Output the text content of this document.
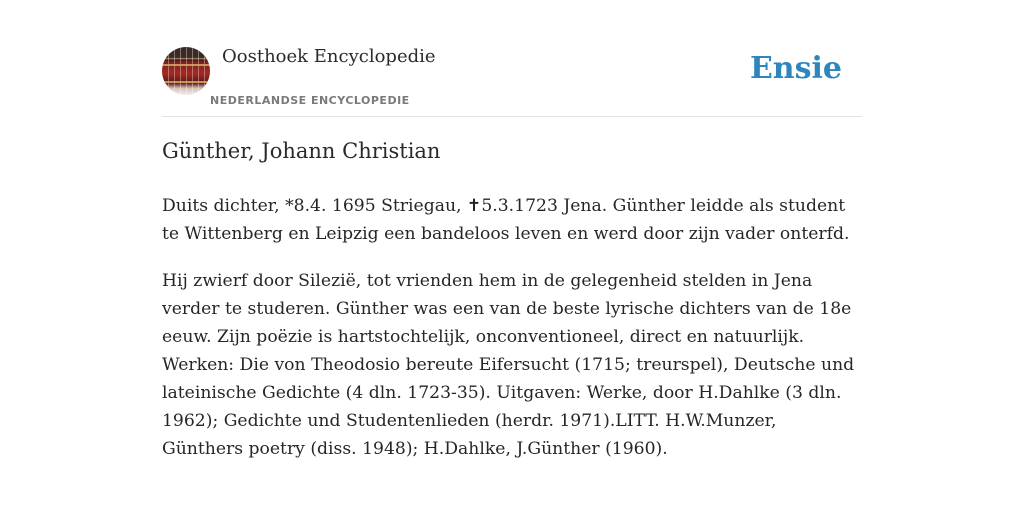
Oosthoek Encyclopedie
NEDERLANDSE ENCYCLOPEDIE
Ensie
Günther, Johann Christian

Duits dichter, *8.4. 1695 Striegau, ✝5.3.1723 Jena. Günther leidde als student te Wittenberg en Leipzig een bandeloos leven en werd door zijn vader onterfd.

Hij zwierf door Silezië, tot vrienden hem in de gelegenheid stelden in Jena verder te studeren. Günther was een van de beste lyrische dichters van de 18e eeuw. Zijn poëzie is hartstochtelijk, onconventioneel, direct en natuurlijk. Werken: Die von Theodosio bereute Eifersucht (1715; treurspel), Deutsche und lateinische Gedichte (4 dln. 1723-35). Uitgaven: Werke, door H.Dahlke (3 dln. 1962); Gedichte und Studentenlieden (herdr. 1971).LITT. H.W.Munzer, Günthers poetry (diss. 1948); H.Dahlke, J.Günther (1960).
